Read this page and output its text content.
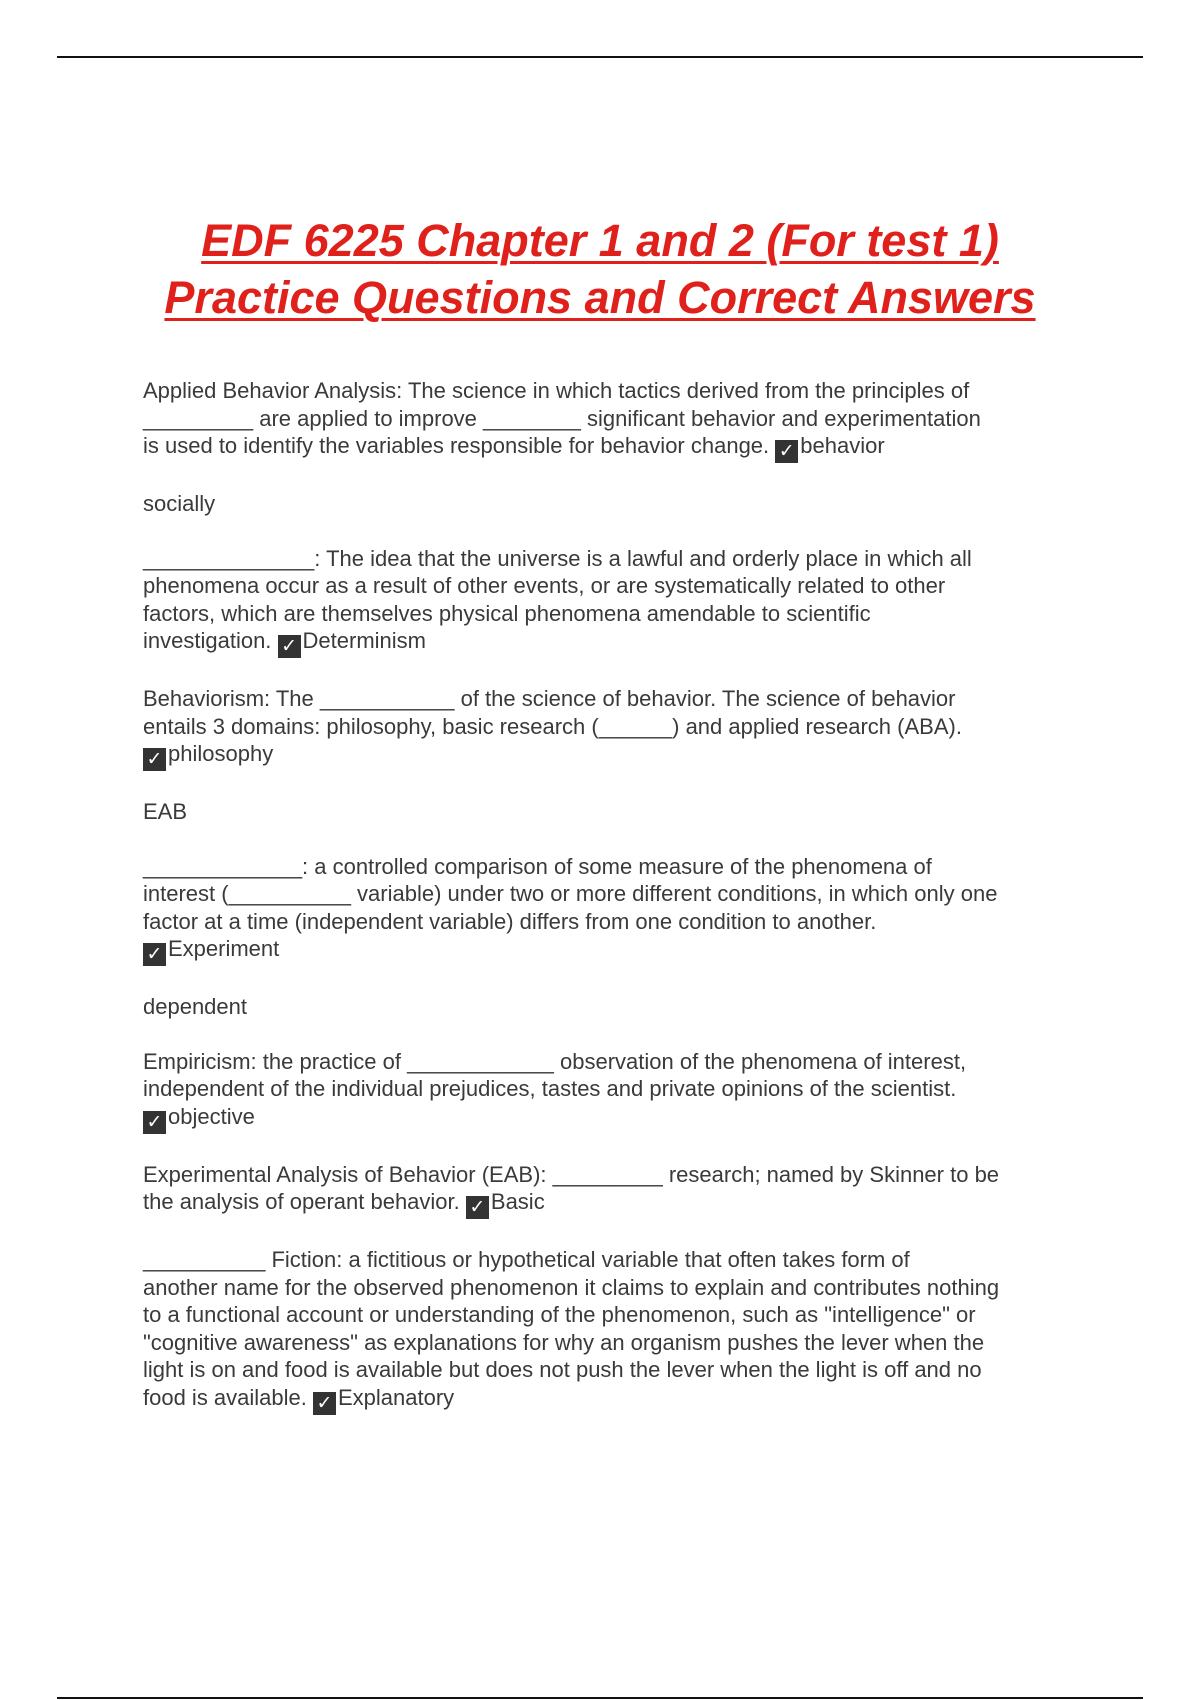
EDF 6225 Chapter 1 and 2 (For test 1)
Practice Questions and Correct Answers
Applied Behavior Analysis: The science in which tactics derived from the principles of
_________ are applied to improve ________ significant behavior and experimentation
is used to identify the variables responsible for behavior change. ✓ behavior
socially
______________: The idea that the universe is a lawful and orderly place in which all
phenomena occur as a result of other events, or are systematically related to other
factors, which are themselves physical phenomena amendable to scientific
investigation. ✓ Determinism
Behaviorism: The ___________ of the science of behavior. The science of behavior
entails 3 domains: philosophy, basic research (______) and applied research (ABA).
✓ philosophy
EAB
_____________: a controlled comparison of some measure of the phenomena of
interest (__________ variable) under two or more different conditions, in which only one
factor at a time (independent variable) differs from one condition to another.
✓ Experiment
dependent
Empiricism: the practice of ____________ observation of the phenomena of interest,
independent of the individual prejudices, tastes and private opinions of the scientist.
✓ objective
Experimental Analysis of Behavior (EAB): _________ research; named by Skinner to be
the analysis of operant behavior. ✓ Basic
__________ Fiction: a fictitious or hypothetical variable that often takes form of
another name for the observed phenomenon it claims to explain and contributes nothing
to a functional account or understanding of the phenomenon, such as "intelligence" or
"cognitive awareness" as explanations for why an organism pushes the lever when the
light is on and food is available but does not push the lever when the light is off and no
food is available. ✓ Explanatory
